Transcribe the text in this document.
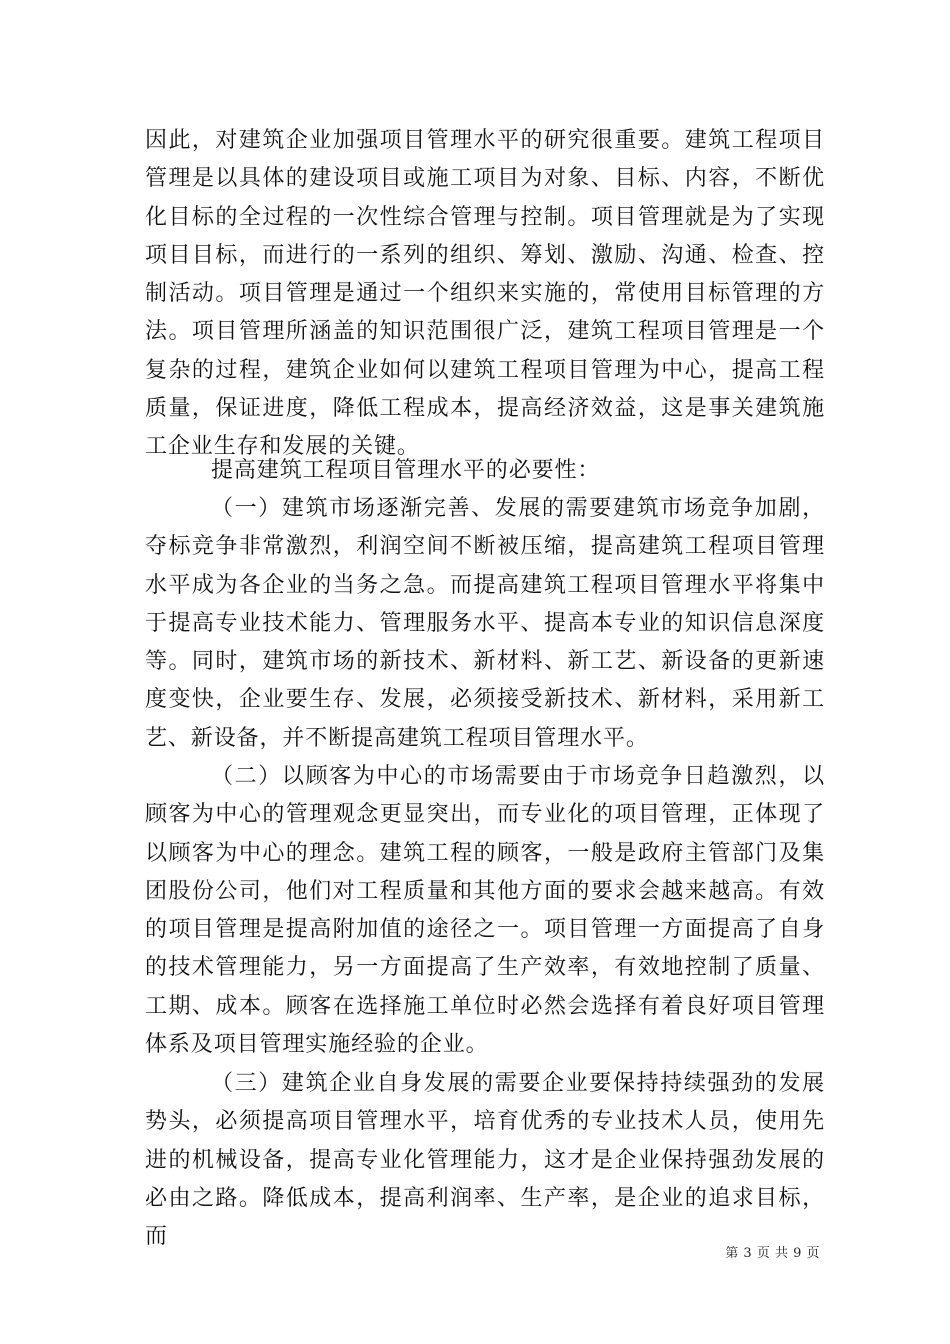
因此，对建筑企业加强项目管理水平的研究很重要。建筑工程项目管理是以具体的建设项目或施工项目为对象、目标、内容，不断优化目标的全过程的一次性综合管理与控制。项目管理就是为了实现项目目标，而进行的一系列的组织、筹划、激励、沟通、检查、控制活动。项目管理是通过一个组织来实施的，常使用目标管理的方法。项目管理所涵盖的知识范围很广泛，建筑工程项目管理是一个复杂的过程，建筑企业如何以建筑工程项目管理为中心，提高工程质量，保证进度，降低工程成本，提高经济效益，这是事关建筑施工企业生存和发展的关键。

提高建筑工程项目管理水平的必要性：

（一）建筑市场逐渐完善、发展的需要建筑市场竞争加剧，夺标竞争非常激烈，利润空间不断被压缩，提高建筑工程项目管理水平成为各企业的当务之急。而提高建筑工程项目管理水平将集中于提高专业技术能力、管理服务水平、提高本专业的知识信息深度等。同时，建筑市场的新技术、新材料、新工艺、新设备的更新速度变快，企业要生存、发展，必须接受新技术、新材料，采用新工艺、新设备，并不断提高建筑工程项目管理水平。

（二）以顾客为中心的市场需要由于市场竞争日趋激烈，以顾客为中心的管理观念更显突出，而专业化的项目管理，正体现了以顾客为中心的理念。建筑工程的顾客，一般是政府主管部门及集团股份公司，他们对工程质量和其他方面的要求会越来越高。有效的项目管理是提高附加值的途径之一。项目管理一方面提高了自身的技术管理能力，另一方面提高了生产效率，有效地控制了质量、工期、成本。顾客在选择施工单位时必然会选择有着良好项目管理体系及项目管理实施经验的企业。

（三）建筑企业自身发展的需要企业要保持持续强劲的发展势头，必须提高项目管理水平，培育优秀的专业技术人员，使用先进的机械设备，提高专业化管理能力，这才是企业保持强劲发展的必由之路。降低成本，提高利润率、生产率，是企业的追求目标，而

第 3 页 共 9 页
